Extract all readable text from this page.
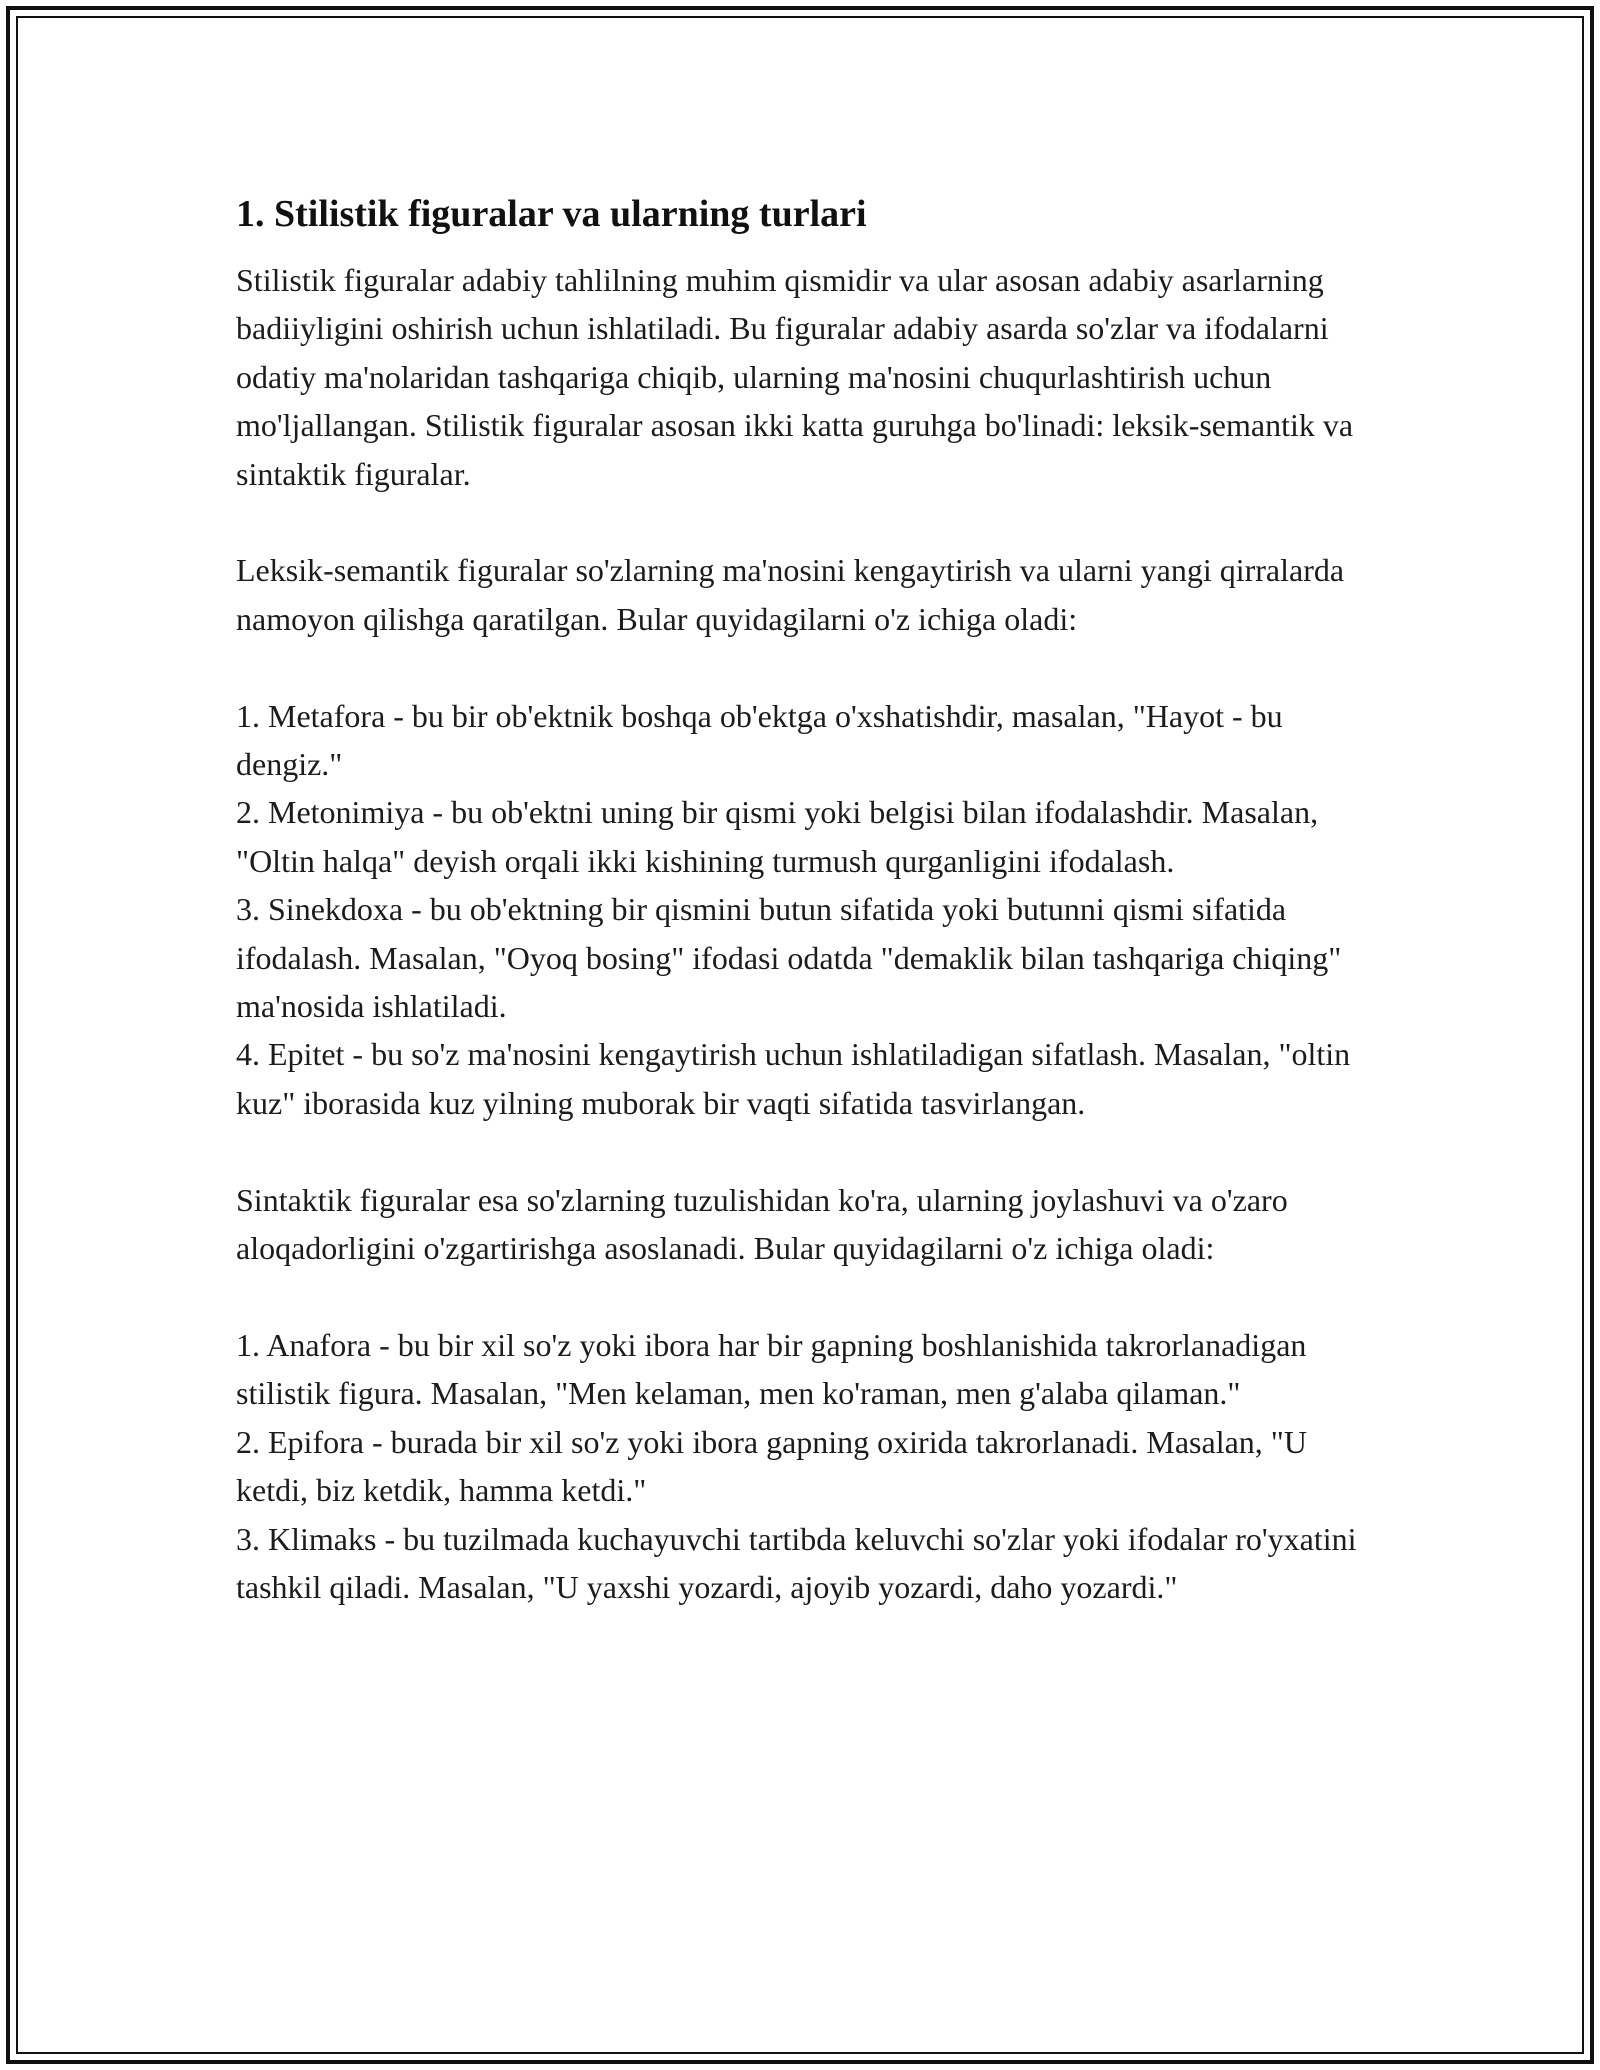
1. Stilistik figuralar va ularning turlari

Stilistik figuralar adabiy tahlilning muhim qismidir va ular asosan adabiy asarlarning badiiyligini oshirish uchun ishlatiladi. Bu figuralar adabiy asarda so'zlar va ifodalarni odatiy ma'nolaridan tashqariga chiqib, ularning ma'nosini chuqurlashtirish uchun mo'ljallangan. Stilistik figuralar asosan ikki katta guruhga bo'linadi: leksik-semantik va sintaktik figuralar.

Leksik-semantik figuralar so'zlarning ma'nosini kengaytirish va ularni yangi qirralarda namoyon qilishga qaratilgan. Bular quyidagilarni o'z ichiga oladi:

1. Metafora - bu bir ob'ektnik boshqa ob'ektga o'xshatishdir, masalan, "Hayot - bu dengiz."
2. Metonimiya - bu ob'ektni uning bir qismi yoki belgisi bilan ifodalashdir. Masalan, "Oltin halqa" deyish orqali ikki kishining turmush qurganligini ifodalash.
3. Sinekdoxa - bu ob'ektning bir qismini butun sifatida yoki butunni qismi sifatida ifodalash. Masalan, "Oyoq bosing" ifodasi odatda "demaklik bilan tashqariga chiqing" ma'nosida ishlatiladi.
4. Epitet - bu so'z ma'nosini kengaytirish uchun ishlatiladigan sifatlash. Masalan, "oltin kuz" iborasida kuz yilning muborak bir vaqti sifatida tasvirlangan.

Sintaktik figuralar esa so'zlarning tuzulishidan ko'ra, ularning joylashuvi va o'zaro aloqadorligini o'zgartirishga asoslanadi. Bular quyidagilarni o'z ichiga oladi:

1. Anafora - bu bir xil so'z yoki ibora har bir gapning boshlanishida takrorlanadigan stilistik figura. Masalan, "Men kelaman, men ko'raman, men g'alaba qilaman."
2. Epifora - burada bir xil so'z yoki ibora gapning oxirida takrorlanadi. Masalan, "U ketdi, biz ketdik, hamma ketdi."
3. Klimaks - bu tuzilmada kuchayuvchi tartibda keluvchi so'zlar yoki ifodalar ro'yxatini tashkil qiladi. Masalan, "U yaxshi yozardi, ajoyib yozardi, daho yozardi."
